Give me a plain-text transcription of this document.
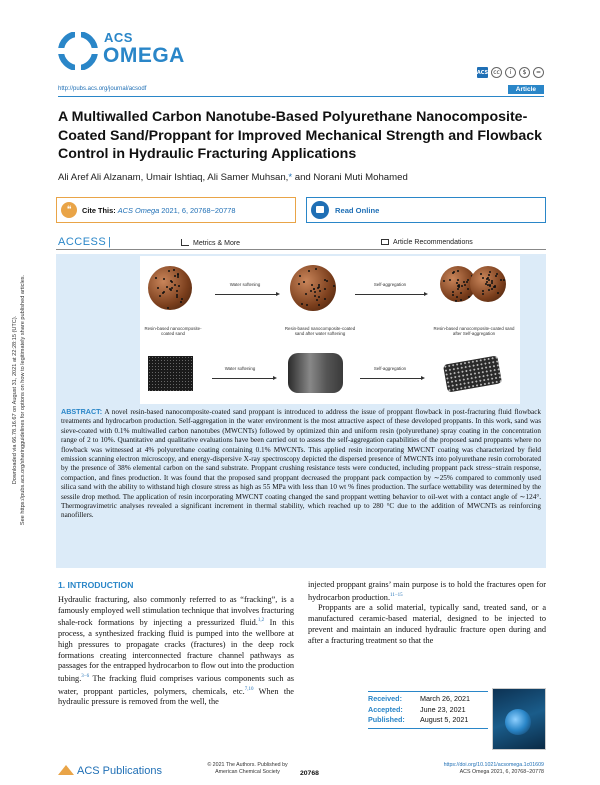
Downloaded via 66.78.16.67 on August 31, 2021 at 22:28:15 (UTC). See https://pubs.acs.org/sharingguidelines for options on how to legitimately share published articles.
ACS
OMEGA
ACS cc	i	$	=
http://pubs.acs.org/journal/acsodf	Article
A Multiwalled Carbon Nanotube-Based Polyurethane Nanocomposite-Coated Sand/Proppant for Improved Mechanical Strength and Flowback Control in Hydraulic Fracturing Applications
Ali Aref Ali Alzanam, Umair Ishtiaq, Ali Samer Muhsan,* and Norani Muti Mohamed
❝	Cite This: ACS Omega 2021, 6, 20768−20778	Read Online
ACCESS |	Metrics & More	Article Recommendations
Water softening	Self-aggregation
Resin-based nanocomposite-coated sand
Resin-based nanocomposite-coated sand after water softening
Resin-based nanocomposite-coated sand after Self-aggregation
Water softening	Self-aggregation

ABSTRACT: A novel resin-based nanocomposite-coated sand proppant is introduced to address the issue of proppant flowback in post-fracturing fluid flowback treatments and hydrocarbon production. Self-aggregation in the water environment is the most attractive aspect of these developed proppants. In this work, sand was sieve-coated with 0.1% multiwalled carbon nanotubes (MWCNTs) followed by optimized thin and uniform resin (polyurethane) spray coating in the concentration range of 2 to 10%. Quantitative and qualitative evaluations have been carried out to assess the self-aggregation capabilities of the proposed sand proppants where no flowback was witnessed at 4% polyurethane coating containing 0.1% MWCNTs. This applied resin incorporating MWCNT coating was characterized by field emission scanning electron microscopy, and energy-dispersive X-ray spectroscopy depicted the dispersed presence of MWCNTs into polyurethane resin corroborated by the presence of 38% elemental carbon on the sand substrate. Proppant crushing resistance tests were conducted, including proppant pack stress−strain response, compaction, and fines production. It was found that the proposed sand proppant decreased the proppant pack compaction by ∼25% compared to commonly used silica sand with the ability to withstand high closure stress as high as 55 MPa with less than 10 wt % fines production. The surface wettability was determined by the sessile drop method. The application of resin incorporating MWCNT coating changed the sand proppant wetting behavior to oil-wet with a contact angle of ∼124°. Thermogravimetric analyses revealed a significant increment in thermal stability, which reached up to 280 °C due to the addition of MWCNTs as reinforcing nanofillers.

1. INTRODUCTION

Hydraulic fracturing, also commonly referred to as “fracking”, is a famously employed well stimulation technique that involves fracturing shale-rock formations by injecting a pressurized fluid.$^{1,2}$ In this process, a synthesized fracking fluid is pumped into the wellbore at high pressures to propagate cracks (fractures) in the deep rock formations creating interconnected fracture channel pathways as passages for the entrapped hydrocarbon to flow out into the production tubing.$^{3-6}$ The fracking fluid comprises various components such as water, proppant particles, polymers, chemicals, etc.$^{7,10}$ When the hydraulic pressure is removed from the well, the

injected proppant grains’ main purpose is to hold the fractures open for hydrocarbon production.$^{11-15}$

Proppants are a solid material, typically sand, treated sand, or a manufactured ceramic-based material, designed to be injected to prevent and maintain an induced hydraulic fracture open during and after a fracturing treatment so that the

Received:	March 26, 2021
Accepted: June 23, 2021
Published: August 5, 2021
ACS Publications	© 2021 The Authors. Published by
American Chemical Society	20768
https://doi.org/10.1021/acsomega.1c01609
ACS Omega 2021, 6, 20768−20778
